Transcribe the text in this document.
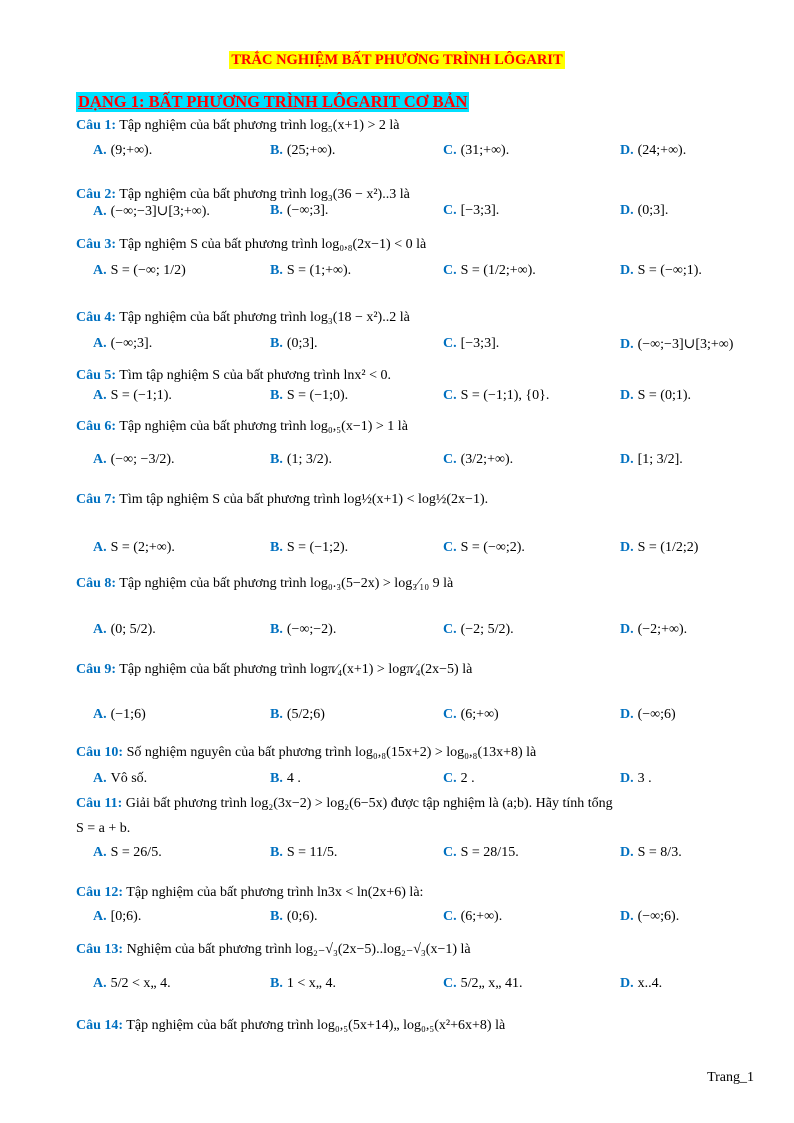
TRẮC NGHIỆM BẤT PHƯƠNG TRÌNH LÔGARIT
DẠNG 1: BẤT PHƯƠNG TRÌNH LÔGARIT CƠ BẢN
Câu 1: Tập nghiệm của bất phương trình log₅(x+1) > 2 là
A. (9;+∞).	B. (25;+∞).	C. (31;+∞).	D. (24;+∞).
Câu 2: Tập nghiệm của bất phương trình log₃(36 − x²)..3 là
A. (−∞;−3]∪[3;+∞).	B. (−∞;3].	C. [−3;3].	D. (0;3].
Câu 3: Tập nghiệm S của bất phương trình log₀,₈(2x−1) < 0 là
A. S = (−∞; 1/2)	B. S = (1;+∞).	C. S = (1/2;+∞).	D. S = (−∞;1).
Câu 4: Tập nghiệm của bất phương trình log₃(18 − x²)..2 là
A. (−∞;3].	B. (0;3].	C. [−3;3].	D. (−∞;−3]∪[3;+∞)
Câu 5: Tìm tập nghiệm S của bất phương trình lnx² < 0.
A. S = (−1;1).	B. S = (−1;0).	C. S = (−1;1), {0}.	D. S = (0;1).
Câu 6: Tập nghiệm của bất phương trình log₀,₅(x−1) > 1 là
A. (−∞; −3/2).	B. (1; 3/2).	C. (3/2;+∞).	D. [1; 3/2].
Câu 7: Tìm tập nghiệm S của bất phương trình log½(x+1) < log½(2x−1).
A. S = (2;+∞).	B. S = (−1;2).	C. S = (−∞;2).	D. S = (1/2;2)
Câu 8: Tập nghiệm của bất phương trình log₀.₃(5−2x) > log₃⁄₁₀ 9 là
A. (0; 5/2).	B. (−∞;−2).	C. (−2; 5/2).	D. (−2;+∞).
Câu 9: Tập nghiệm của bất phương trình logπ⁄₄(x+1) > logπ⁄₄(2x−5) là
A. (−1;6)	B. (5/2;6)	C. (6;+∞)	D. (−∞;6)
Câu 10: Số nghiệm nguyên của bất phương trình log₀,₈(15x+2) > log₀,₈(13x+8) là
A. Vô số.	B. 4 .	C. 2 .	D. 3 .
Câu 11: Giải bất phương trình log₂(3x−2) > log₂(6−5x) được tập nghiệm là (a;b). Hãy tính tổng
S = a + b.
A. S = 26/5.	B. S = 11/5.	C. S = 28/15.	D. S = 8/3.
Câu 12: Tập nghiệm của bất phương trình ln3x < ln(2x+6) là:
A. [0;6).	B. (0;6).	C. (6;+∞).	D. (−∞;6).
Câu 13: Nghiệm của bất phương trình log₂₋√₃(2x−5)..log₂₋√₃(x−1) là
A. 5/2 < x„ 4.	B. 1 < x„ 4.	C. 5/2„ x„ 41.	D. x..4.
Câu 14: Tập nghiệm của bất phương trình log₀,₅(5x+14)„ log₀,₅(x²+6x+8) là
Trang_1
